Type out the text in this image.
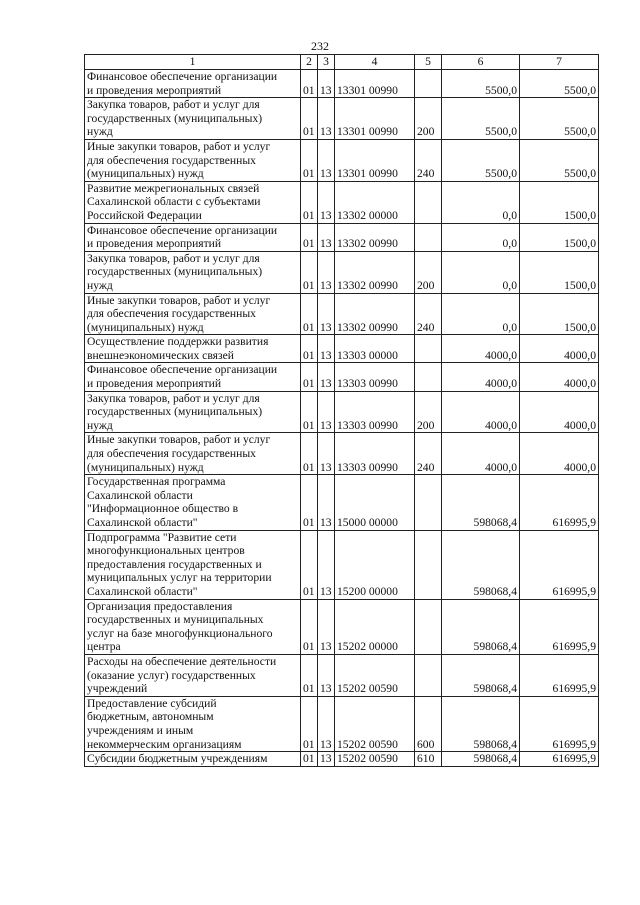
232
1	2	3	4	5	6	7
Финансовое обеспечение организации
и проведения мероприятий	01	13	13301 00990		5500,0	5500,0
Закупка товаров, работ и услуг для
государственных (муниципальных)
нужд	01	13	13301 00990	200	5500,0	5500,0
Иные закупки товаров, работ и услуг
для обеспечения государственных
(муниципальных) нужд	01	13	13301 00990	240	5500,0	5500,0
Развитие межрегиональных связей
Сахалинской области с субъектами
Российской Федерации	01	13	13302 00000		0,0	1500,0
Финансовое обеспечение организации
и проведения мероприятий	01	13	13302 00990		0,0	1500,0
Закупка товаров, работ и услуг для
государственных (муниципальных)
нужд	01	13	13302 00990	200	0,0	1500,0
Иные закупки товаров, работ и услуг
для обеспечения государственных
(муниципальных) нужд	01	13	13302 00990	240	0,0	1500,0
Осуществление поддержки развития
внешнеэкономических связей	01	13	13303 00000		4000,0	4000,0
Финансовое обеспечение организации
и проведения мероприятий	01	13	13303 00990		4000,0	4000,0
Закупка товаров, работ и услуг для
государственных (муниципальных)
нужд	01	13	13303 00990	200	4000,0	4000,0
Иные закупки товаров, работ и услуг
для обеспечения государственных
(муниципальных) нужд	01	13	13303 00990	240	4000,0	4000,0
Государственная программа
Сахалинской области
"Информационное общество в
Сахалинской области"	01	13	15000 00000		598068,4	616995,9
Подпрограмма "Развитие сети
многофункциональных центров
предоставления государственных и
муниципальных услуг на территории
Сахалинской области"	01	13	15200 00000		598068,4	616995,9
Организация предоставления
государственных и муниципальных
услуг на базе многофункционального
центра	01	13	15202 00000		598068,4	616995,9
Расходы на обеспечение деятельности
(оказание услуг) государственных
учреждений	01	13	15202 00590		598068,4	616995,9
Предоставление субсидий
бюджетным, автономным
учреждениям и иным
некоммерческим организациям	01	13	15202 00590	600	598068,4	616995,9
Субсидии бюджетным учреждениям	01	13	15202 00590	610	598068,4	616995,9
